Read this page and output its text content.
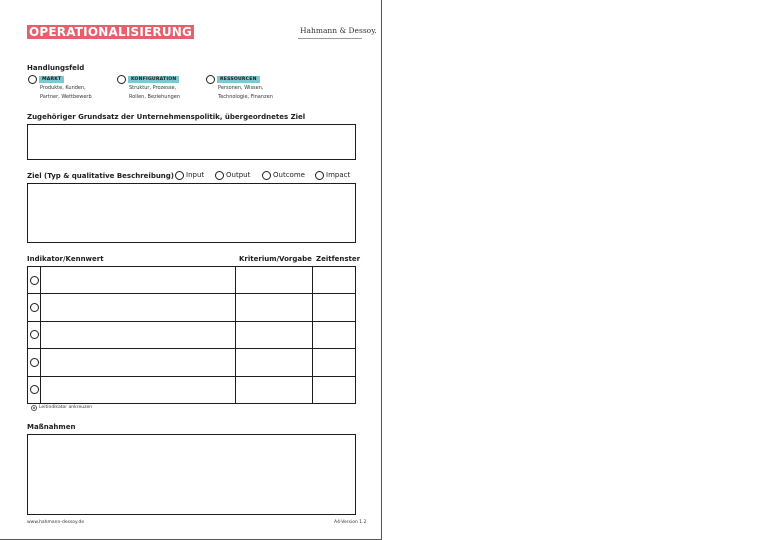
OPERATIONALISIERUNG	Hahmann & Dessoy.
Handlungsfeld
MARKT
Produkte, Kunden,
Partner, Wettbewerb
KONFIGURATION
Struktur, Prozesse,
Rollen, Beziehungen
RESSOURCEN
Personen, Wissen,
Technologie, Finanzen
Zugehöriger Grundsatz der Unternehmenspolitik, übergeordnetes Ziel
Ziel (Typ & qualitative Beschreibung) Input	Output	Outcome	Impact
Indikator/Kennwert	Kriterium/Vorgabe Zeitfenster

Leitindikator ankreuzen
Maßnahmen
www.hahmann-dessoy.de	A4-Version 1.2
